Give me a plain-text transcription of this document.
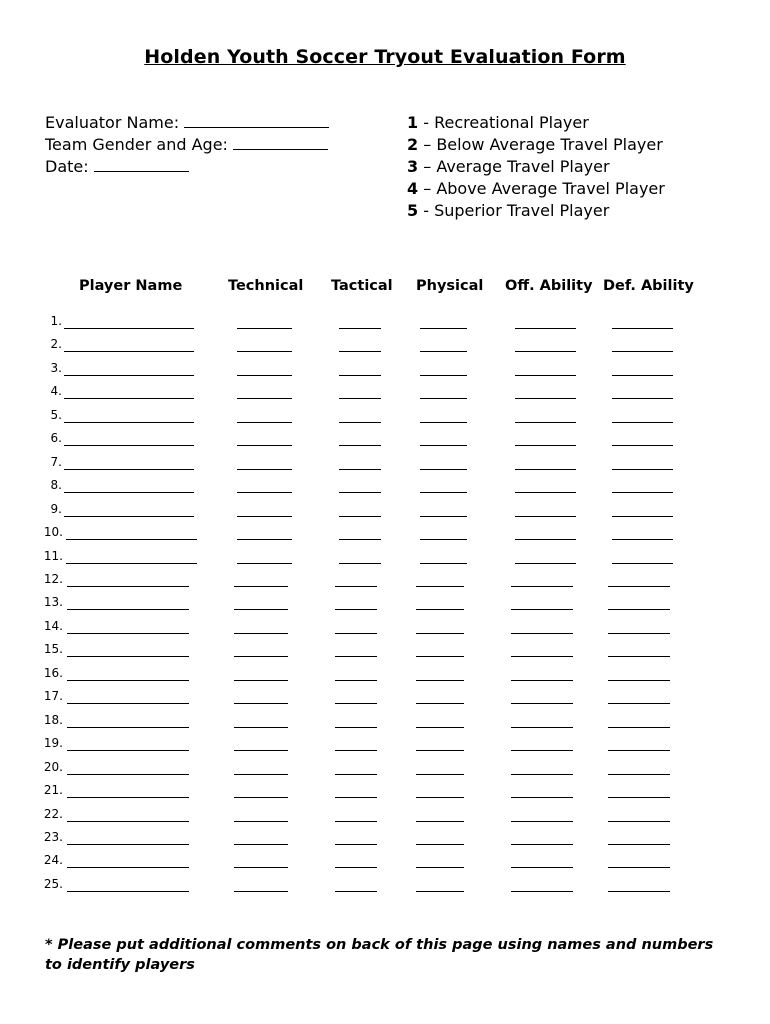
Holden Youth Soccer Tryout Evaluation Form
Evaluator Name:
Team Gender and Age:
Date:
1 - Recreational Player
2 – Below Average Travel Player
3 – Average Travel Player
4 – Above Average Travel Player
5 - Superior Travel Player
Player Name	Technical Tactical Physical Off. Ability Def. Ability
1.
2.
3.
4.
5.
6.
7.
8.
9.
10.
11.
12.
13.
14.
15.
16.
17.
18.
19.
20.
21.
22.
23.
24.
25.
* Please put additional comments on back of this page using names and numbers to identify players
